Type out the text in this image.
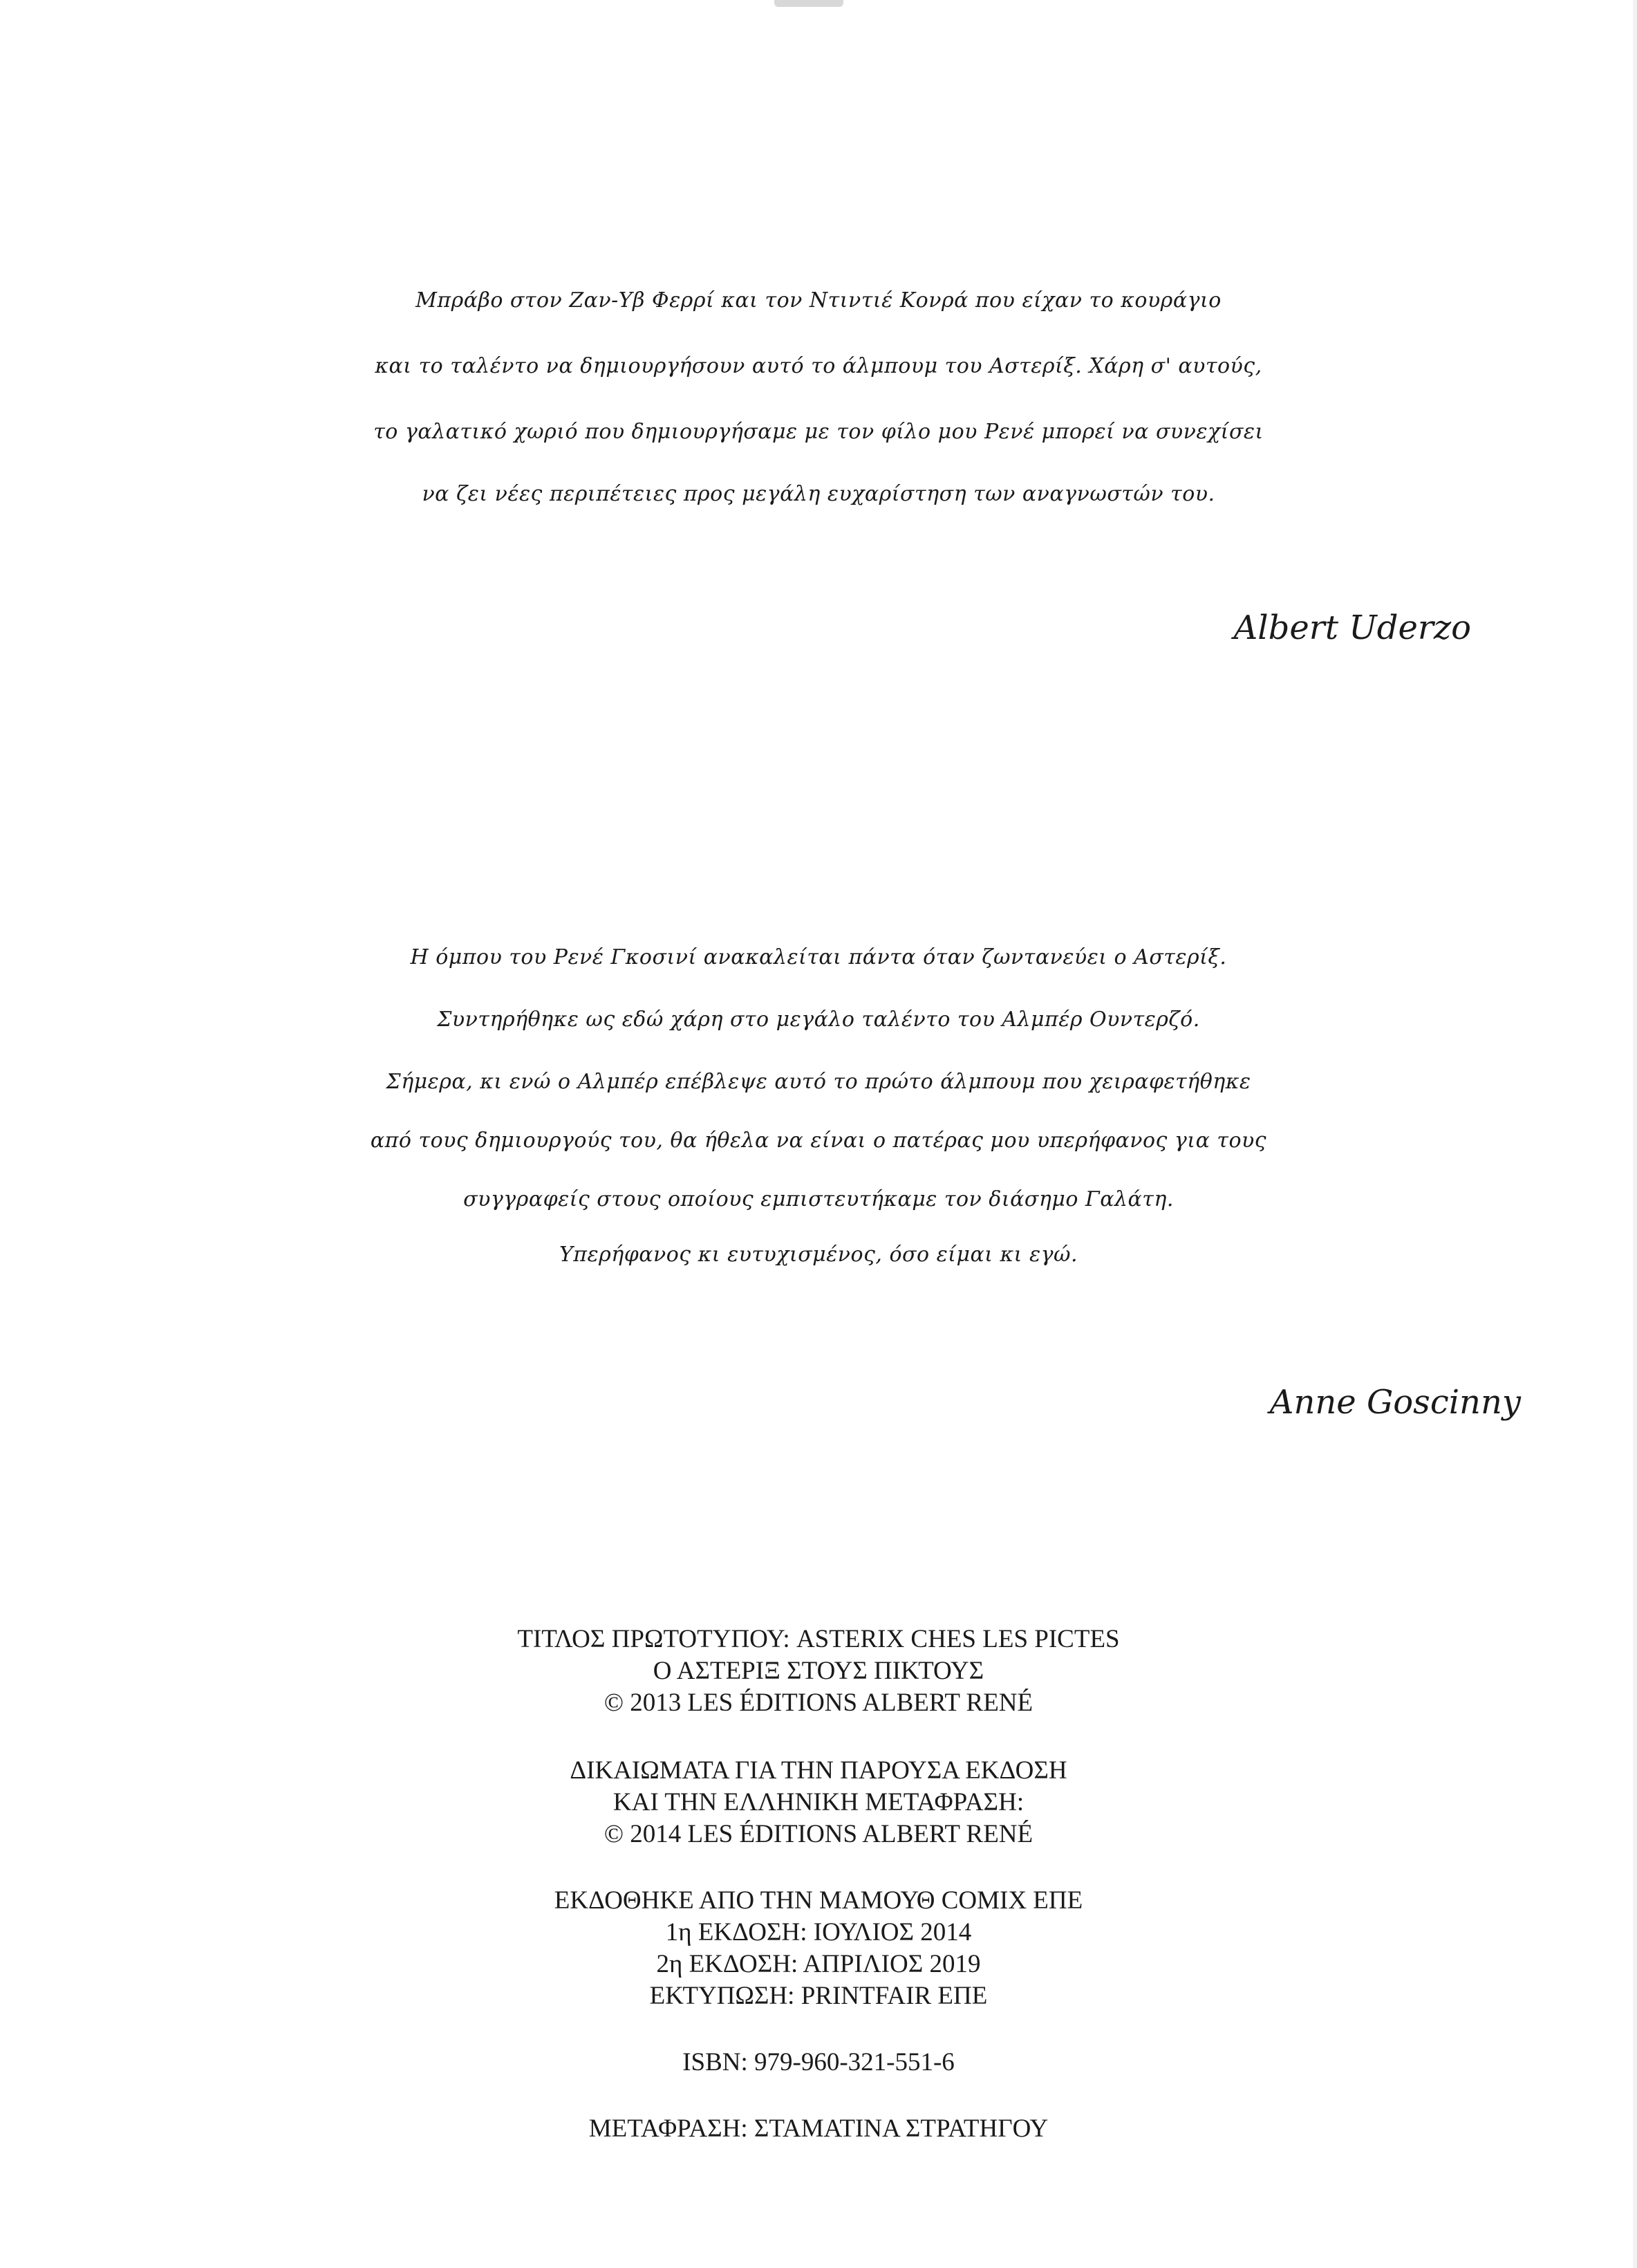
Μπράβο στον Ζαν-Υβ Φερρί και τον Ντιντιέ Κονρά που είχαν το κουράγιο
και το ταλέντο να δημιουργήσουν αυτό το άλμπουμ του Αστερίξ. Χάρη σ' αυτούς,
το γαλατικό χωριό που δημιουργήσαμε με τον φίλο μου Ρενέ μπορεί να συνεχίσει
να ζει νέες περιπέτειες προς μεγάλη ευχαρίστηση των αναγνωστών του.
Albert Uderzo
Η όμπου του Ρενέ Γκοσινί ανακαλείται πάντα όταν ζωντανεύει ο Αστερίξ.
Συντηρήθηκε ως εδώ χάρη στο μεγάλο ταλέντο του Αλμπέρ Ουντερζό.
Σήμερα, κι ενώ ο Αλμπέρ επέβλεψε αυτό το πρώτο άλμπουμ που χειραφετήθηκε
από τους δημιουργούς του, θα ήθελα να είναι ο πατέρας μου υπερήφανος για τους
συγγραφείς στους οποίους εμπιστευτήκαμε τον διάσημο Γαλάτη.
Υπερήφανος κι ευτυχισμένος, όσο είμαι κι εγώ.
Anne Goscinny
ΤΙΤΛΟΣ ΠΡΩΤΟΤΥΠΟΥ: ASTERIX CHES LES PICTES
Ο ΑΣΤΕΡΙΞ ΣΤΟΥΣ ΠΙΚΤΟΥΣ
© 2013 LES ÉDITIONS ALBERT RENÉ
ΔΙΚΑΙΩΜΑΤΑ ΓΙΑ ΤΗΝ ΠΑΡΟΥΣΑ ΕΚΔΟΣΗ
ΚΑΙ ΤΗΝ ΕΛΛΗΝΙΚΗ ΜΕΤΑΦΡΑΣΗ:
© 2014 LES ÉDITIONS ALBERT RENÉ
ΕΚΔΟΘΗΚΕ ΑΠΟ ΤΗΝ ΜΑΜΟΥΘ COMIX ΕΠΕ
1η ΕΚΔΟΣΗ: ΙΟΥΛΙΟΣ 2014
2η ΕΚΔΟΣΗ: ΑΠΡΙΛΙΟΣ 2019
ΕΚΤΥΠΩΣΗ: PRINTFAIR ΕΠΕ
ISBN: 979-960-321-551-6
ΜΕΤΑΦΡΑΣΗ: ΣΤΑΜΑΤΙΝΑ ΣΤΡΑΤΗΓΟΥ
